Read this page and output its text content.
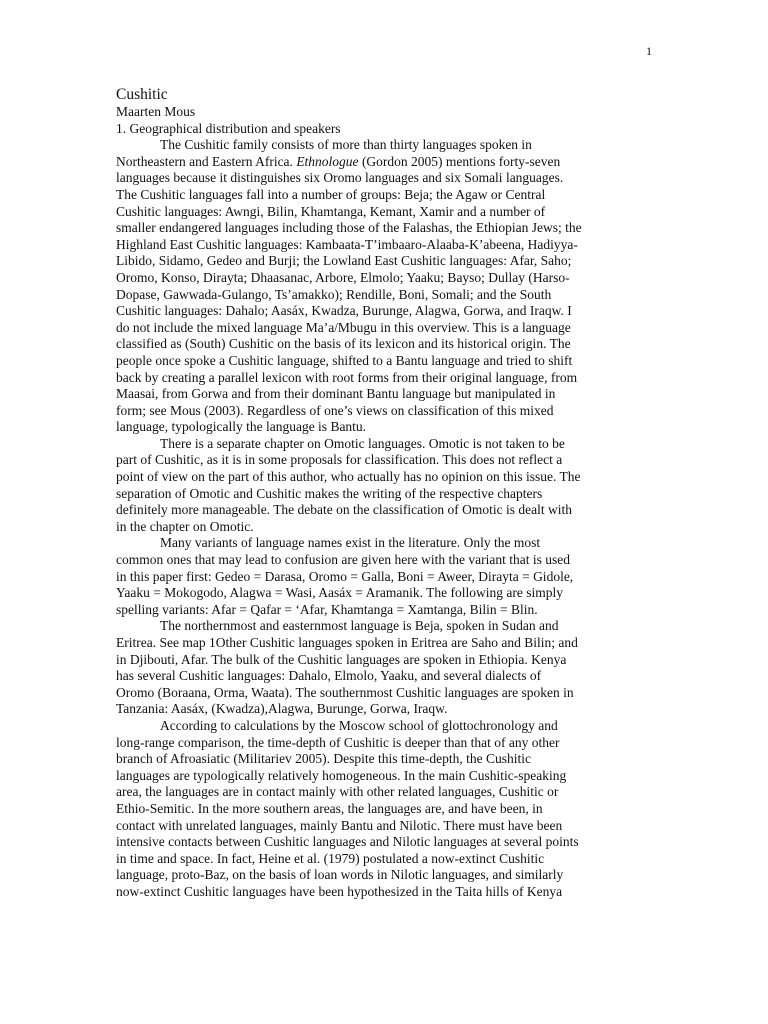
1
Cushitic
Maarten Mous
1. Geographical distribution and speakers
The Cushitic family consists of more than thirty languages spoken in
Northeastern and Eastern Africa. Ethnologue (Gordon 2005) mentions forty-seven
languages because it distinguishes six Oromo languages and six Somali languages.
The Cushitic languages fall into a number of groups: Beja; the Agaw or Central
Cushitic languages: Awngi, Bilin, Khamtanga, Kemant, Xamir and a number of
smaller endangered languages including those of the Falashas, the Ethiopian Jews; the
Highland East Cushitic languages: Kambaata-T’imbaaro-Alaaba-K’abeena, Hadiyya-
Libido, Sidamo, Gedeo and Burji; the Lowland East Cushitic languages: Afar, Saho;
Oromo, Konso, Dirayta; Dhaasanac, Arbore, Elmolo; Yaaku; Bayso; Dullay (Harso-
Dopase, Gawwada-Gulango, Ts’amakko); Rendille, Boni, Somali; and the South
Cushitic languages: Dahalo; Aasáx, Kwadza, Burunge, Alagwa, Gorwa, and Iraqw. I
do not include the mixed language Ma’a/Mbugu in this overview. This is a language
classified as (South) Cushitic on the basis of its lexicon and its historical origin. The
people once spoke a Cushitic language, shifted to a Bantu language and tried to shift
back by creating a parallel lexicon with root forms from their original language, from
Maasai, from Gorwa and from their dominant Bantu language but manipulated in
form; see Mous (2003). Regardless of one’s views on classification of this mixed
language, typologically the language is Bantu.
There is a separate chapter on Omotic languages. Omotic is not taken to be
part of Cushitic, as it is in some proposals for classification. This does not reflect a
point of view on the part of this author, who actually has no opinion on this issue. The
separation of Omotic and Cushitic makes the writing of the respective chapters
definitely more manageable. The debate on the classification of Omotic is dealt with
in the chapter on Omotic.
Many variants of language names exist in the literature. Only the most
common ones that may lead to confusion are given here with the variant that is used
in this paper first: Gedeo = Darasa, Oromo = Galla, Boni = Aweer, Dirayta = Gidole,
Yaaku = Mokogodo, Alagwa = Wasi, Aasáx = Aramanik. The following are simply
spelling variants: Afar = Qafar = ‘Afar, Khamtanga = Xamtanga, Bilin = Blin.
The northernmost and easternmost language is Beja, spoken in Sudan and
Eritrea. See map 1Other Cushitic languages spoken in Eritrea are Saho and Bilin; and
in Djibouti, Afar. The bulk of the Cushitic languages are spoken in Ethiopia. Kenya
has several Cushitic languages: Dahalo, Elmolo, Yaaku, and several dialects of
Oromo (Boraana, Orma, Waata). The southernmost Cushitic languages are spoken in
Tanzania: Aasáx, (Kwadza),Alagwa, Burunge, Gorwa, Iraqw.
According to calculations by the Moscow school of glottochronology and
long-range comparison, the time-depth of Cushitic is deeper than that of any other
branch of Afroasiatic (Militariev 2005). Despite this time-depth, the Cushitic
languages are typologically relatively homogeneous. In the main Cushitic-speaking
area, the languages are in contact mainly with other related languages, Cushitic or
Ethio-Semitic. In the more southern areas, the languages are, and have been, in
contact with unrelated languages, mainly Bantu and Nilotic. There must have been
intensive contacts between Cushitic languages and Nilotic languages at several points
in time and space. In fact, Heine et al. (1979) postulated a now-extinct Cushitic
language, proto-Baz, on the basis of loan words in Nilotic languages, and similarly
now-extinct Cushitic languages have been hypothesized in the Taita hills of Kenya
